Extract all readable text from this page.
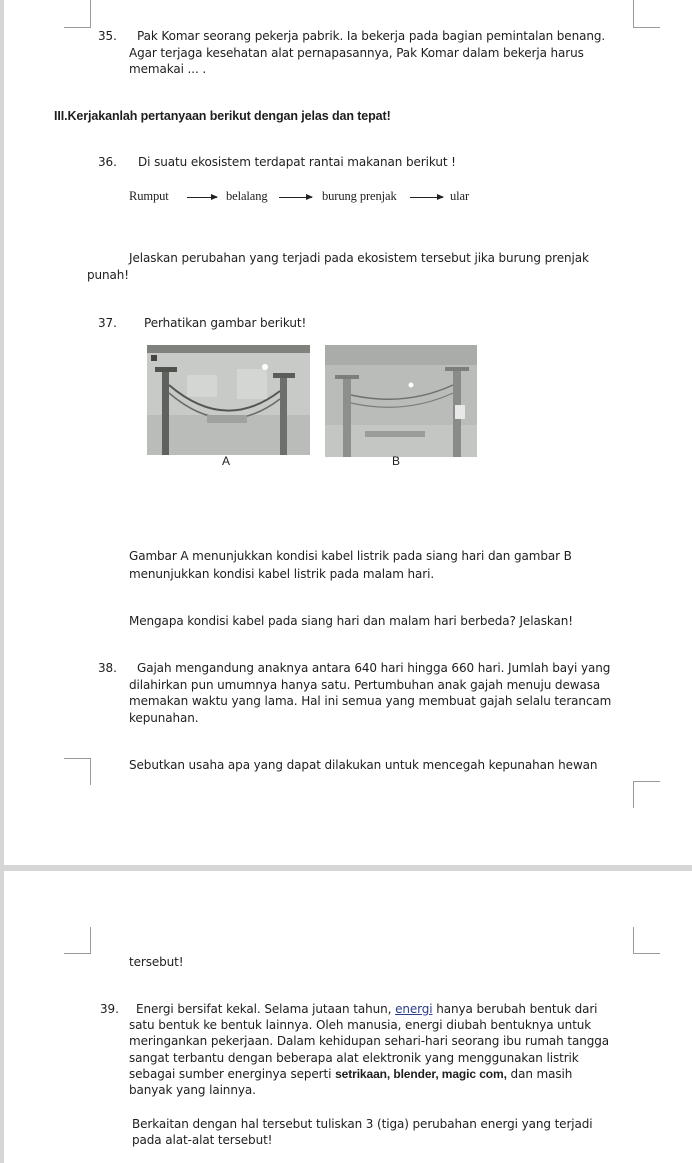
35. Pak Komar seorang pekerja pabrik. Ia bekerja pada bagian pemintalan benang.
Agar terjaga kesehatan alat pernapasannya, Pak Komar dalam bekerja harus
memakai ... .
III.Kerjakanlah pertanyaan berikut dengan jelas dan tepat!
36. Di suatu ekosistem terdapat rantai makanan berikut !
Rumput	belalang	burung prenjak	ular
Jelaskan perubahan yang terjadi pada ekosistem tersebut jika burung prenjak
punah!
37. Perhatikan gambar berikut!
A	B
Gambar A menunjukkan kondisi kabel listrik pada siang hari dan gambar B
menunjukkan kondisi kabel listrik pada malam hari.
Mengapa kondisi kabel pada siang hari dan malam hari berbeda? Jelaskan!
38. Gajah mengandung anaknya antara 640 hari hingga 660 hari. Jumlah bayi yang
dilahirkan pun umumnya hanya satu. Pertumbuhan anak gajah menuju dewasa
memakan waktu yang lama. Hal ini semua yang membuat gajah selalu terancam
kepunahan.
Sebutkan usaha apa yang dapat dilakukan untuk mencegah kepunahan hewan
tersebut!
39. Energi bersifat kekal. Selama jutaan tahun, energi hanya berubah bentuk dari
satu bentuk ke bentuk lainnya. Oleh manusia, energi diubah bentuknya untuk
meringankan pekerjaan. Dalam kehidupan sehari-hari seorang ibu rumah tangga
sangat terbantu dengan beberapa alat elektronik yang menggunakan listrik
sebagai sumber energinya seperti setrikaan, blender, magic com, dan masih
banyak yang lainnya.
Berkaitan dengan hal tersebut tuliskan 3 (tiga) perubahan energi yang terjadi
pada alat-alat tersebut!
